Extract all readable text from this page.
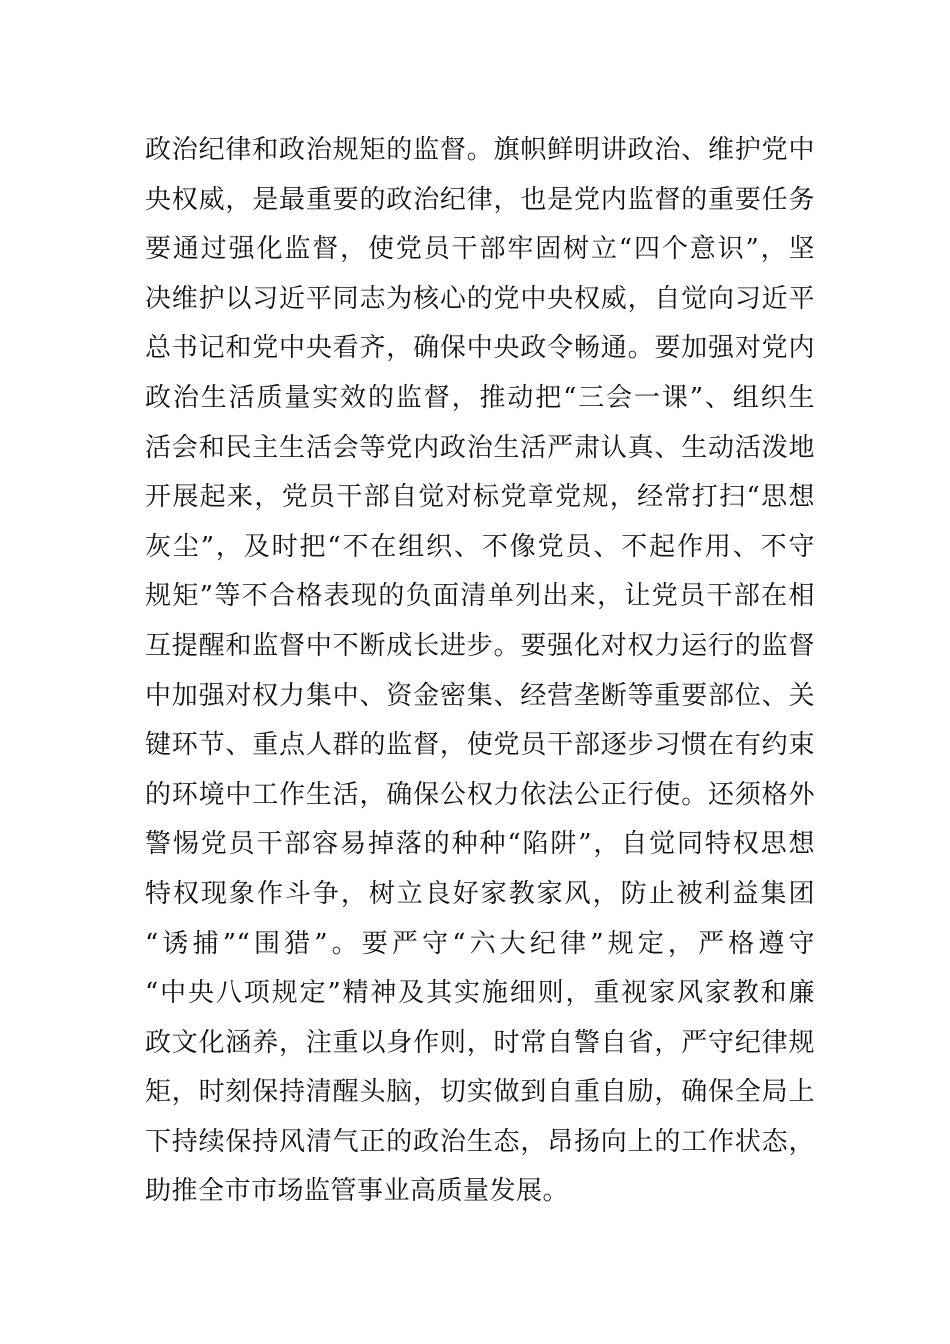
政治纪律和政治规矩的监督。旗帜鲜明讲政治、维护党中
央权威，是最重要的政治纪律，也是党内监督的重要任务
要通过强化监督，使党员干部牢固树立“四个意识”，坚
决维护以习近平同志为核心的党中央权威，自觉向习近平
总书记和党中央看齐，确保中央政令畅通。要加强对党内
政治生活质量实效的监督，推动把“三会一课”、组织生
活会和民主生活会等党内政治生活严肃认真、生动活泼地
开展起来，党员干部自觉对标党章党规，经常打扫“思想
灰尘”，及时把“不在组织、不像党员、不起作用、不守
规矩”等不合格表现的负面清单列出来，让党员干部在相
互提醒和监督中不断成长进步。要强化对权力运行的监督
中加强对权力集中、资金密集、经营垄断等重要部位、关
键环节、重点人群的监督，使党员干部逐步习惯在有约束
的环境中工作生活，确保公权力依法公正行使。还须格外
警惕党员干部容易掉落的种种“陷阱”，自觉同特权思想
特权现象作斗争，树立良好家教家风，防止被利益集团
“诱捕”“围猎”。要严守“六大纪律”规定，严格遵守
“中央八项规定”精神及其实施细则，重视家风家教和廉
政文化涵养，注重以身作则，时常自警自省，严守纪律规
矩，时刻保持清醒头脑，切实做到自重自励，确保全局上
下持续保持风清气正的政治生态，昂扬向上的工作状态，
助推全市市场监管事业高质量发展。
